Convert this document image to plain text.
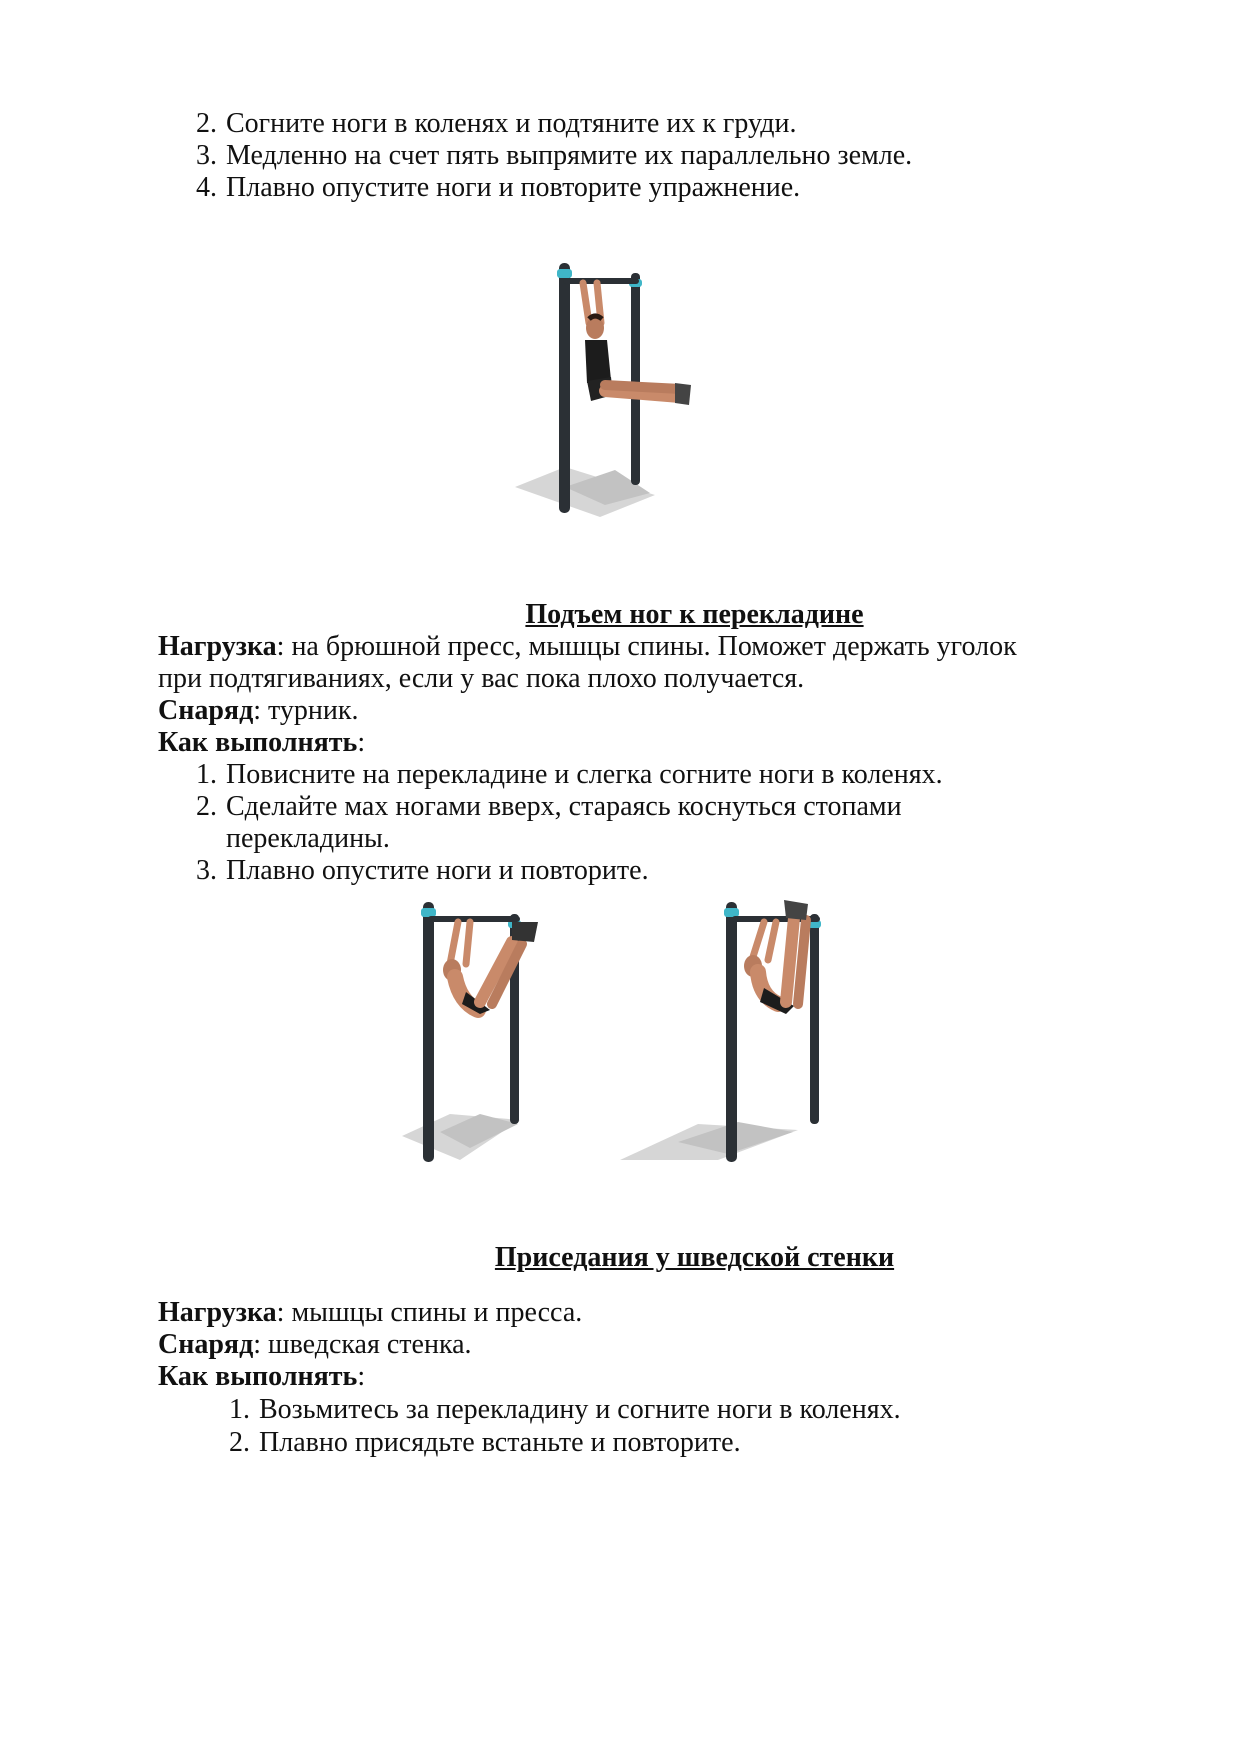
2. Согните ноги в коленях и подтяните их к груди.
3. Медленно на счет пять выпрямите их параллельно земле.
4. Плавно опустите ноги и повторите упражнение.
Подъем ног к перекладине
Нагрузка: на брюшной пресс, мышцы спины. Поможет держать уголок
при подтягиваниях, если у вас пока плохо получается.
Снаряд: турник.
Как выполнять:
1. Повисните на перекладине и слегка согните ноги в коленях.
2. Сделайте мах ногами вверх, стараясь коснуться стопами
перекладины.
3. Плавно опустите ноги и повторите.
Приседания у шведской стенки
Нагрузка: мышцы спины и пресса.
Снаряд: шведская стенка.
Как выполнять:
1. Возьмитесь за перекладину и согните ноги в коленях.
2. Плавно присядьте встаньте и повторите.
